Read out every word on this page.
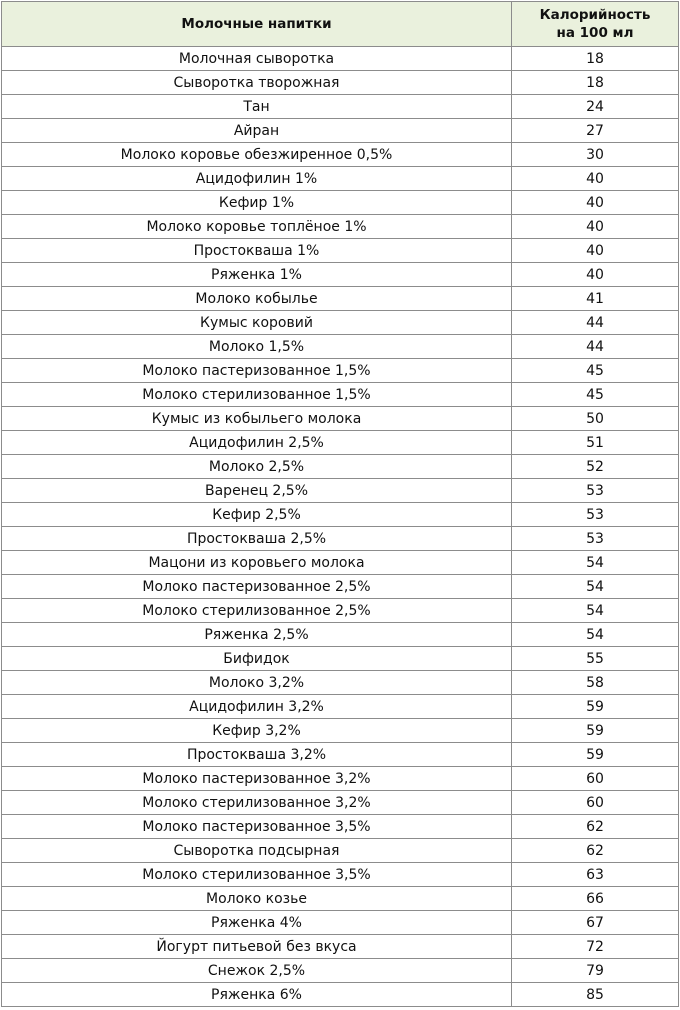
Молочные напитки	Калорийность
на 100 мл
Молочная сыворотка	18
Сыворотка творожная	18
Тан	24
Айран	27
Молоко коровье обезжиренное 0,5%	30
Ацидофилин 1%	40
Кефир 1%	40
Молоко коровье топлёное 1%	40
Простокваша 1%	40
Ряженка 1%	40
Молоко кобылье	41
Кумыс коровий	44
Молоко 1,5%	44
Молоко пастеризованное 1,5%	45
Молоко стерилизованное 1,5%	45
Кумыс из кобыльего молока	50
Ацидофилин 2,5%	51
Молоко 2,5%	52
Варенец 2,5%	53
Кефир 2,5%	53
Простокваша 2,5%	53
Мацони из коровьего молока	54
Молоко пастеризованное 2,5%	54
Молоко стерилизованное 2,5%	54
Ряженка 2,5%	54
Бифидок	55
Молоко 3,2%	58
Ацидофилин 3,2%	59
Кефир 3,2%	59
Простокваша 3,2%	59
Молоко пастеризованное 3,2%	60
Молоко стерилизованное 3,2%	60
Молоко пастеризованное 3,5%	62
Сыворотка подсырная	62
Молоко стерилизованное 3,5%	63
Молоко козье	66
Ряженка 4%	67
Йогурт питьевой без вкуса	72
Снежок 2,5%	79
Ряженка 6%	85
